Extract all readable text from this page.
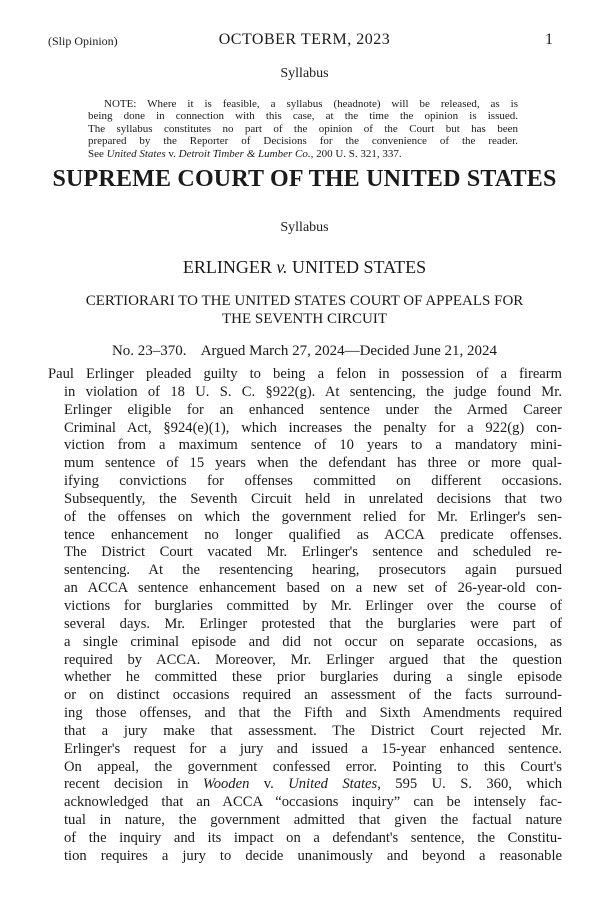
(Slip Opinion)	OCTOBER TERM, 2023	1
Syllabus
NOTE: Where it is feasible, a syllabus (headnote) will be released, as is
being done in connection with this case, at the time the opinion is issued.
The syllabus constitutes no part of the opinion of the Court but has been
prepared by the Reporter of Decisions for the convenience of the reader.
See United States v. Detroit Timber & Lumber Co., 200 U. S. 321, 337.
SUPREME COURT OF THE UNITED STATES
Syllabus
ERLINGER v. UNITED STATES
CERTIORARI TO THE UNITED STATES COURT OF APPEALS FOR
THE SEVENTH CIRCUIT
No. 23–370.    Argued March 27, 2024—Decided June 21, 2024
Paul Erlinger pleaded guilty to being a felon in possession of a firearm
in violation of 18 U. S. C. §922(g). At sentencing, the judge found Mr.
Erlinger eligible for an enhanced sentence under the Armed Career
Criminal Act, §924(e)(1), which increases the penalty for a 922(g) con-
viction from a maximum sentence of 10 years to a mandatory mini-
mum sentence of 15 years when the defendant has three or more qual-
ifying convictions for offenses committed on different occasions.
Subsequently, the Seventh Circuit held in unrelated decisions that two
of the offenses on which the government relied for Mr. Erlinger's sen-
tence enhancement no longer qualified as ACCA predicate offenses.
The District Court vacated Mr. Erlinger's sentence and scheduled re-
sentencing. At the resentencing hearing, prosecutors again pursued
an ACCA sentence enhancement based on a new set of 26-year-old con-
victions for burglaries committed by Mr. Erlinger over the course of
several days. Mr. Erlinger protested that the burglaries were part of
a single criminal episode and did not occur on separate occasions, as
required by ACCA. Moreover, Mr. Erlinger argued that the question
whether he committed these prior burglaries during a single episode
or on distinct occasions required an assessment of the facts surround-
ing those offenses, and that the Fifth and Sixth Amendments required
that a jury make that assessment. The District Court rejected Mr.
Erlinger's request for a jury and issued a 15-year enhanced sentence.
On appeal, the government confessed error. Pointing to this Court's
recent decision in Wooden v. United States, 595 U. S. 360, which
acknowledged that an ACCA “occasions inquiry” can be intensely fac-
tual in nature, the government admitted that given the factual nature
of the inquiry and its impact on a defendant's sentence, the Constitu-
tion requires a jury to decide unanimously and beyond a reasonable
